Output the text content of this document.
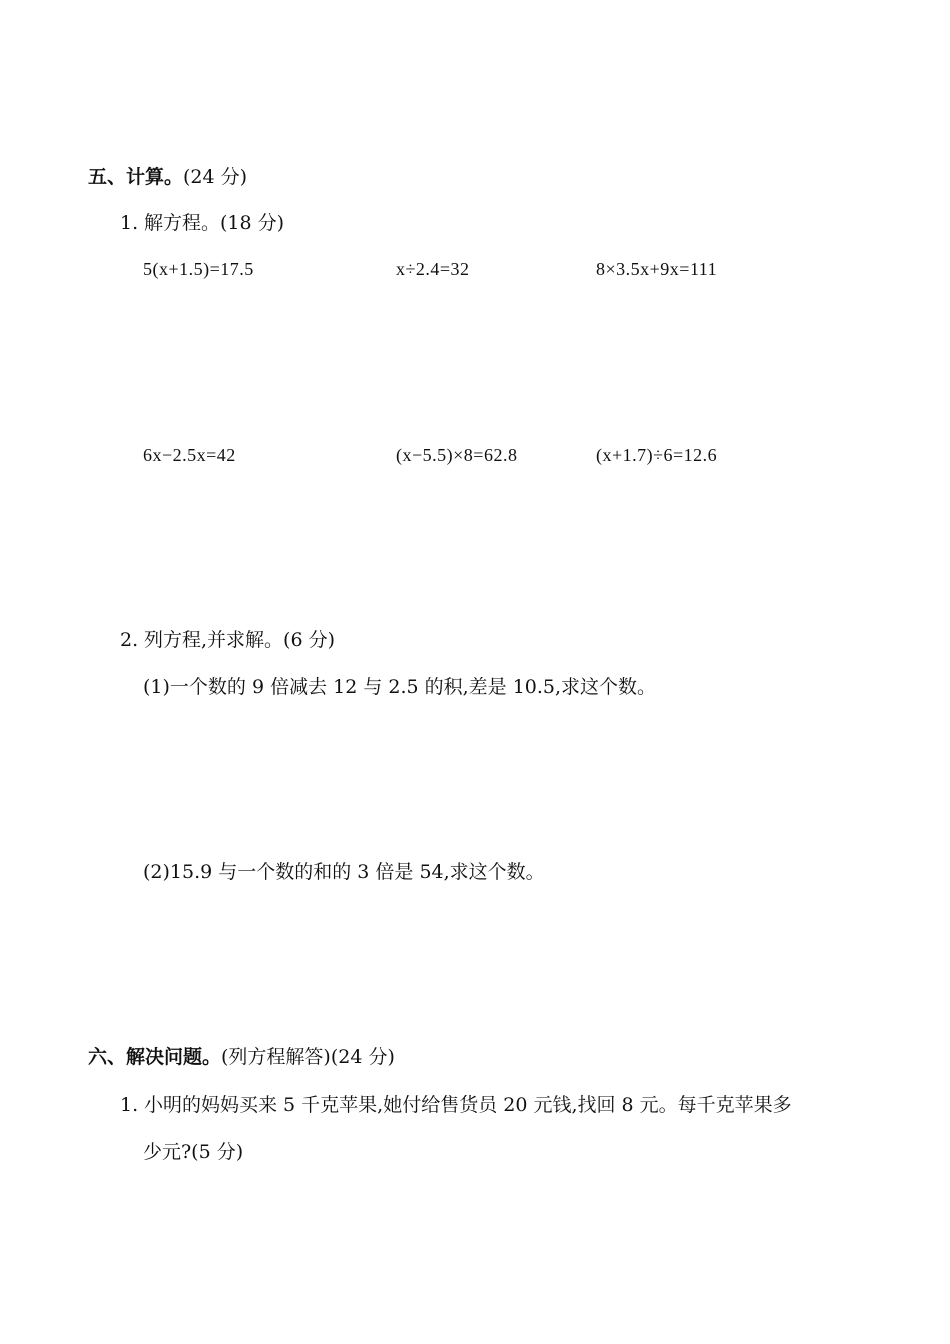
五、计算。(24 分)
1. 解方程。(18 分)
5(x+1.5)=17.5	x÷2.4=32	8×3.5x+9x=111
6x−2.5x=42	(x−5.5)×8=62.8	(x+1.7)÷6=12.6
2. 列方程,并求解。(6 分)
(1)一个数的 9 倍减去 12 与 2.5 的积,差是 10.5,求这个数。
(2)15.9 与一个数的和的 3 倍是 54,求这个数。
六、解决问题。(列方程解答)(24 分)
1. 小明的妈妈买来 5 千克苹果,她付给售货员 20 元钱,找回 8 元。每千克苹果多
少元?(5 分)
